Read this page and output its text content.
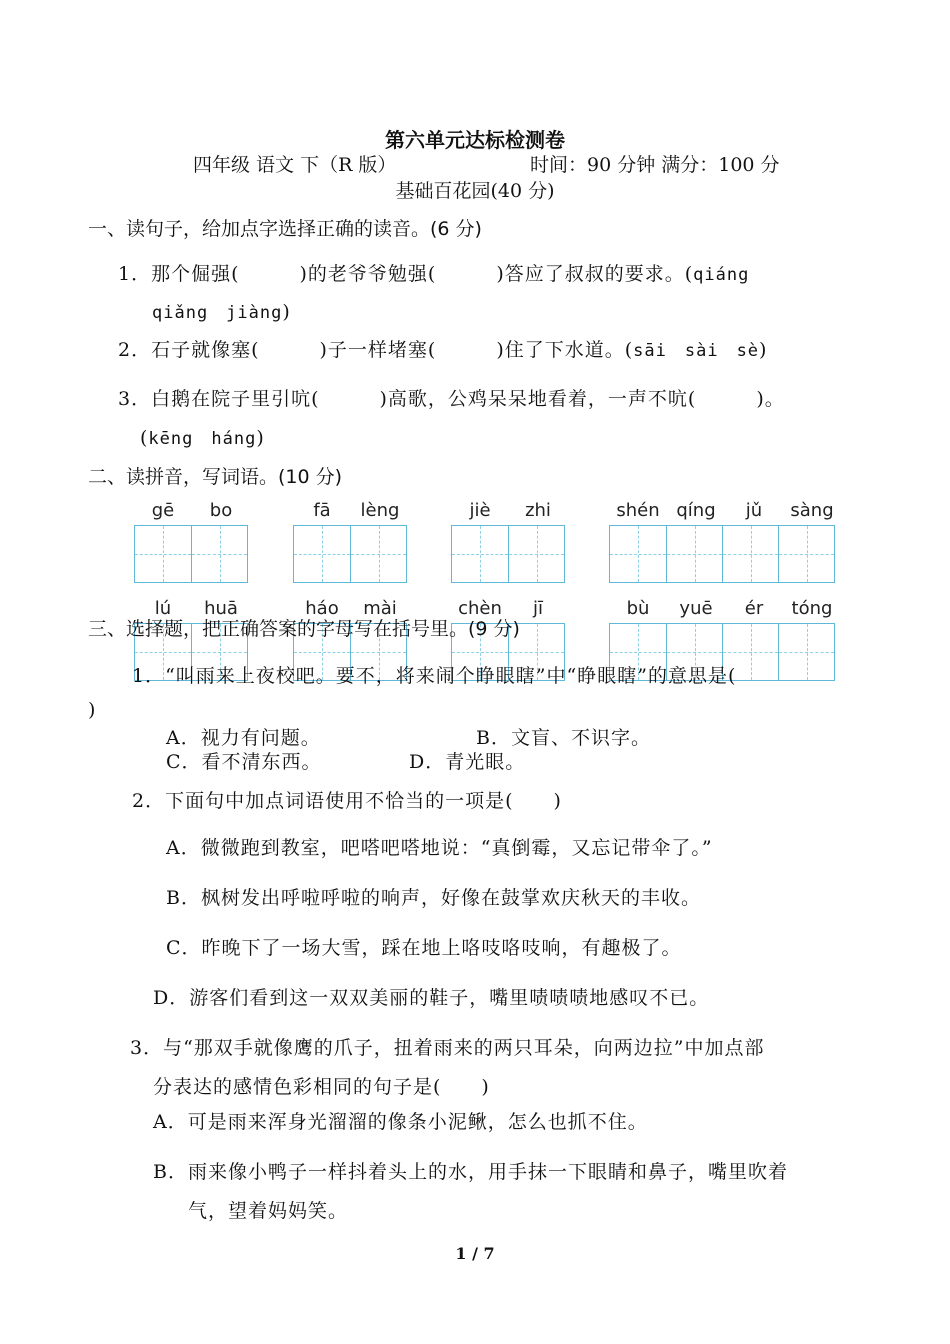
第六单元达标检测卷
四年级 语文 下（R 版）	时间：90 分钟 满分：100 分
基础百花园(40 分)
一、读句子，给加点字选择正确的读音。(6 分)
1．那个倔强(　　　)的老爷爷勉强(　　　)答应了叔叔的要求。(qiáng
qiǎng　jiàng)
2．石子就像塞(　　　)子一样堵塞(　　　)住了下水道。(sāi　sài　sè)
3．白鹅在院子里引吭(　　　)高歌，公鸡呆呆地看着，一声不吭(　　　)。
(kēng　háng)
二、读拼音，写词语。(10 分)
gē	bo	fā	lèng	jiè	zhi	shén qíng	jǔ	sàng
lú	huā	háo	mài	chèn	jī	bù	yuē	ér	tóng
三、选择题，把正确答案的字母写在括号里。(9 分)
1．“叫雨来上夜校吧。要不，将来闹个睁眼瞎”中“睁眼瞎”的意思是(
)
A．视力有问题。	B．文盲、不识字。
C．看不清东西。	D．青光眼。
2．下面句中加点词语使用不恰当的一项是(　　)
A．微微跑到教室，吧嗒吧嗒地说：“真倒霉，又忘记带伞了。”
B．枫树发出呼啦呼啦的响声，好像在鼓掌欢庆秋天的丰收。
C．昨晚下了一场大雪，踩在地上咯吱咯吱响，有趣极了。
D．游客们看到这一双双美丽的鞋子，嘴里啧啧啧地感叹不已。
3．与“那双手就像鹰的爪子，扭着雨来的两只耳朵，向两边拉”中加点部
分表达的感情色彩相同的句子是(　　)
A．可是雨来浑身光溜溜的像条小泥鳅，怎么也抓不住。
B．雨来像小鸭子一样抖着头上的水，用手抹一下眼睛和鼻子，嘴里吹着
气，望着妈妈笑。
1 / 7
